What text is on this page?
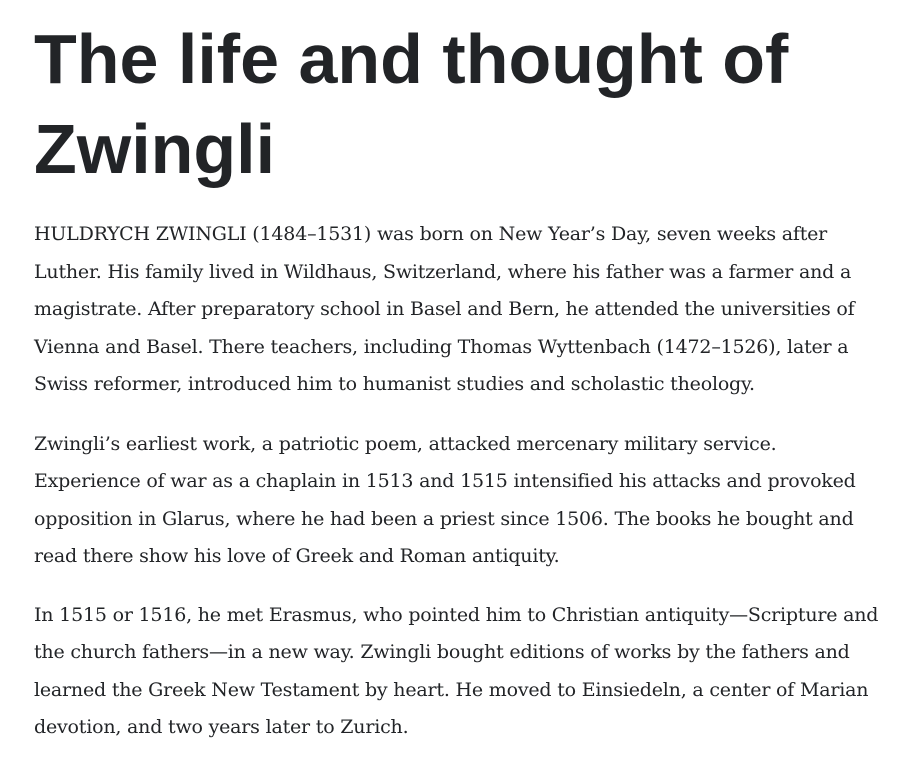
The life and thought of Zwingli

HULDRYCH ZWINGLI (1484–1531) was born on New Year’s Day, seven weeks after Luther. His family lived in Wildhaus, Switzerland, where his father was a farmer and a magistrate. After preparatory school in Basel and Bern, he attended the universities of Vienna and Basel. There teachers, including Thomas Wyttenbach (1472–1526), later a Swiss reformer, introduced him to humanist studies and scholastic theology.

Zwingli’s earliest work, a patriotic poem, attacked mercenary military service. Experience of war as a chaplain in 1513 and 1515 intensified his attacks and provoked opposition in Glarus, where he had been a priest since 1506. The books he bought and read there show his love of Greek and Roman antiquity.

In 1515 or 1516, he met Erasmus, who pointed him to Christian antiquity—Scripture and the church fathers—in a new way. Zwingli bought editions of works by the fathers and learned the Greek New Testament by heart. He moved to Einsiedeln, a center of Marian devotion, and two years later to Zurich.
